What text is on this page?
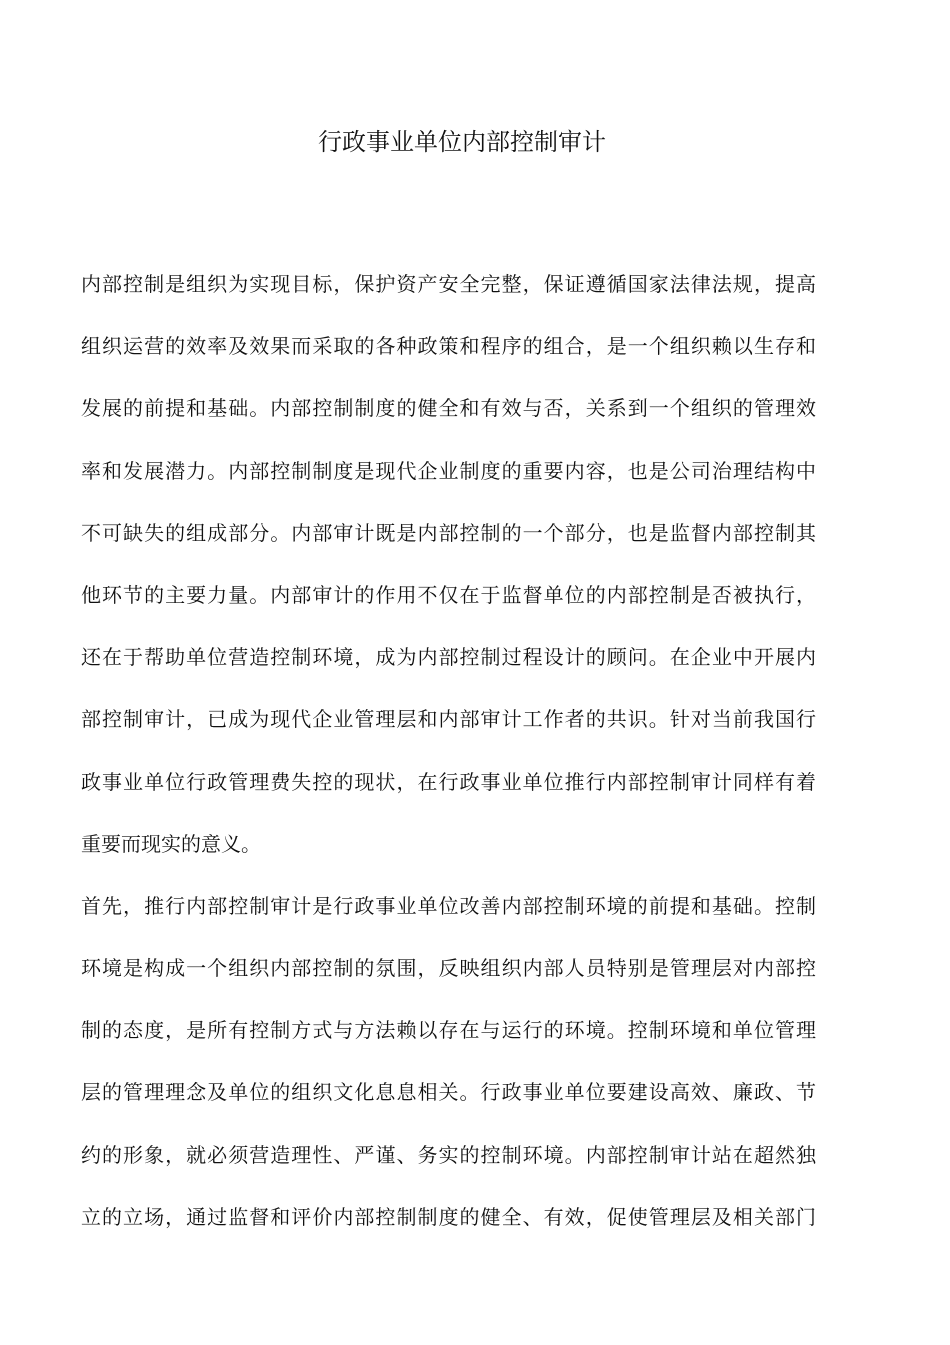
行政事业单位内部控制审计
内部控制是组织为实现目标，保护资产安全完整，保证遵循国家法律法规，提高
组织运营的效率及效果而采取的各种政策和程序的组合，是一个组织赖以生存和
发展的前提和基础。内部控制制度的健全和有效与否，关系到一个组织的管理效
率和发展潜力。内部控制制度是现代企业制度的重要内容，也是公司治理结构中
不可缺失的组成部分。内部审计既是内部控制的一个部分，也是监督内部控制其
他环节的主要力量。内部审计的作用不仅在于监督单位的内部控制是否被执行，
还在于帮助单位营造控制环境，成为内部控制过程设计的顾问。在企业中开展内
部控制审计，已成为现代企业管理层和内部审计工作者的共识。针对当前我国行
政事业单位行政管理费失控的现状，在行政事业单位推行内部控制审计同样有着
重要而现实的意义。
首先，推行内部控制审计是行政事业单位改善内部控制环境的前提和基础。控制
环境是构成一个组织内部控制的氛围，反映组织内部人员特别是管理层对内部控
制的态度，是所有控制方式与方法赖以存在与运行的环境。控制环境和单位管理
层的管理理念及单位的组织文化息息相关。行政事业单位要建设高效、廉政、节
约的形象，就必须营造理性、严谨、务实的控制环境。内部控制审计站在超然独
立的立场，通过监督和评价内部控制制度的健全、有效，促使管理层及相关部门
